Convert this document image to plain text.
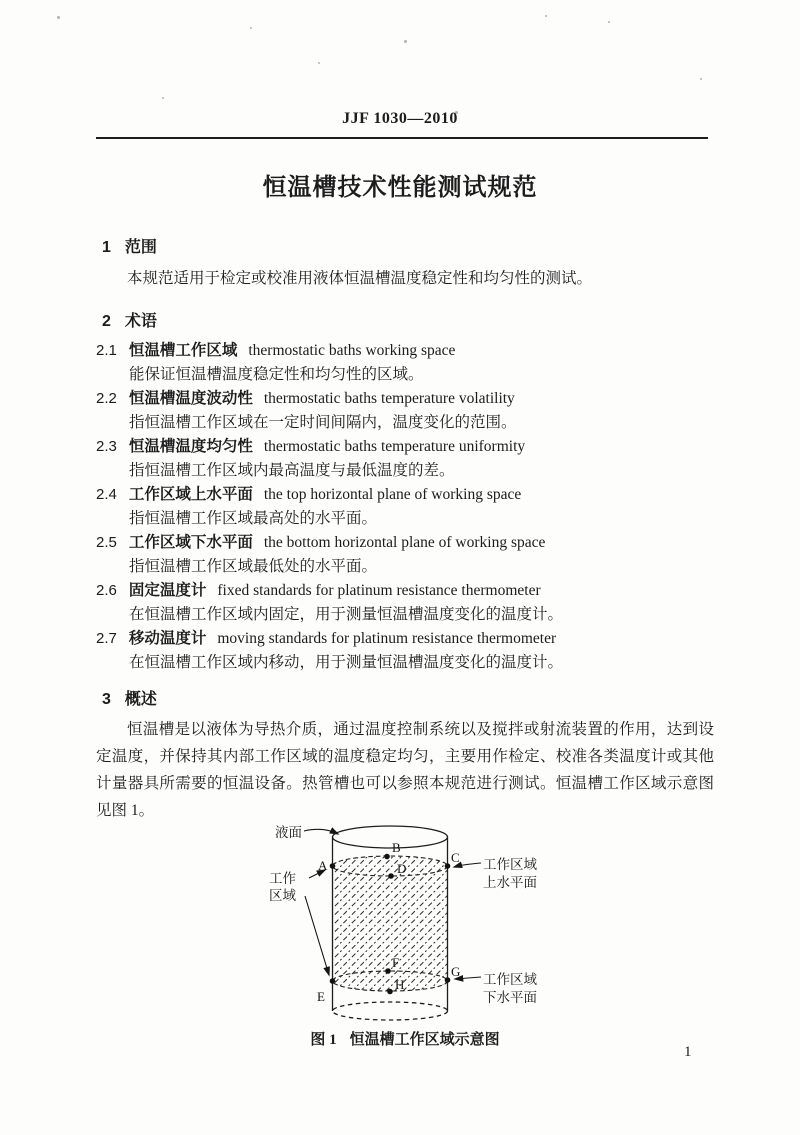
JJF 1030—2010
恒温槽技术性能测试规范
1 范围
本规范适用于检定或校准用液体恒温槽温度稳定性和均匀性的测试。
2 术语
2.1 恒温槽工作区域 thermostatic baths working space
能保证恒温槽温度稳定性和均匀性的区域。
2.2 恒温槽温度波动性 thermostatic baths temperature volatility
指恒温槽工作区域在一定时间间隔内，温度变化的范围。
2.3 恒温槽温度均匀性 thermostatic baths temperature uniformity
指恒温槽工作区域内最高温度与最低温度的差。
2.4 工作区域上水平面 the top horizontal plane of working space
指恒温槽工作区域最高处的水平面。
2.5 工作区域下水平面 the bottom horizontal plane of working space
指恒温槽工作区域最低处的水平面。
2.6 固定温度计 fixed standards for platinum resistance thermometer
在恒温槽工作区域内固定，用于测量恒温槽温度变化的温度计。
2.7 移动温度计 moving standards for platinum resistance thermometer
在恒温槽工作区域内移动，用于测量恒温槽温度变化的温度计。
3 概述
恒温槽是以液体为导热介质，通过温度控制系统以及搅拌或射流装置的作用，达到设定温度，并保持其内部工作区域的温度稳定均匀，主要用作检定、校准各类温度计或其他计量器具所需要的恒温设备。热管槽也可以参照本规范进行测试。恒温槽工作区域示意图见图 1。
A
B
C
D
E
F
G
H
液面
工作
区域
工作区域
上水平面
工作区域
下水平面
图 1 恒温槽工作区域示意图
1
